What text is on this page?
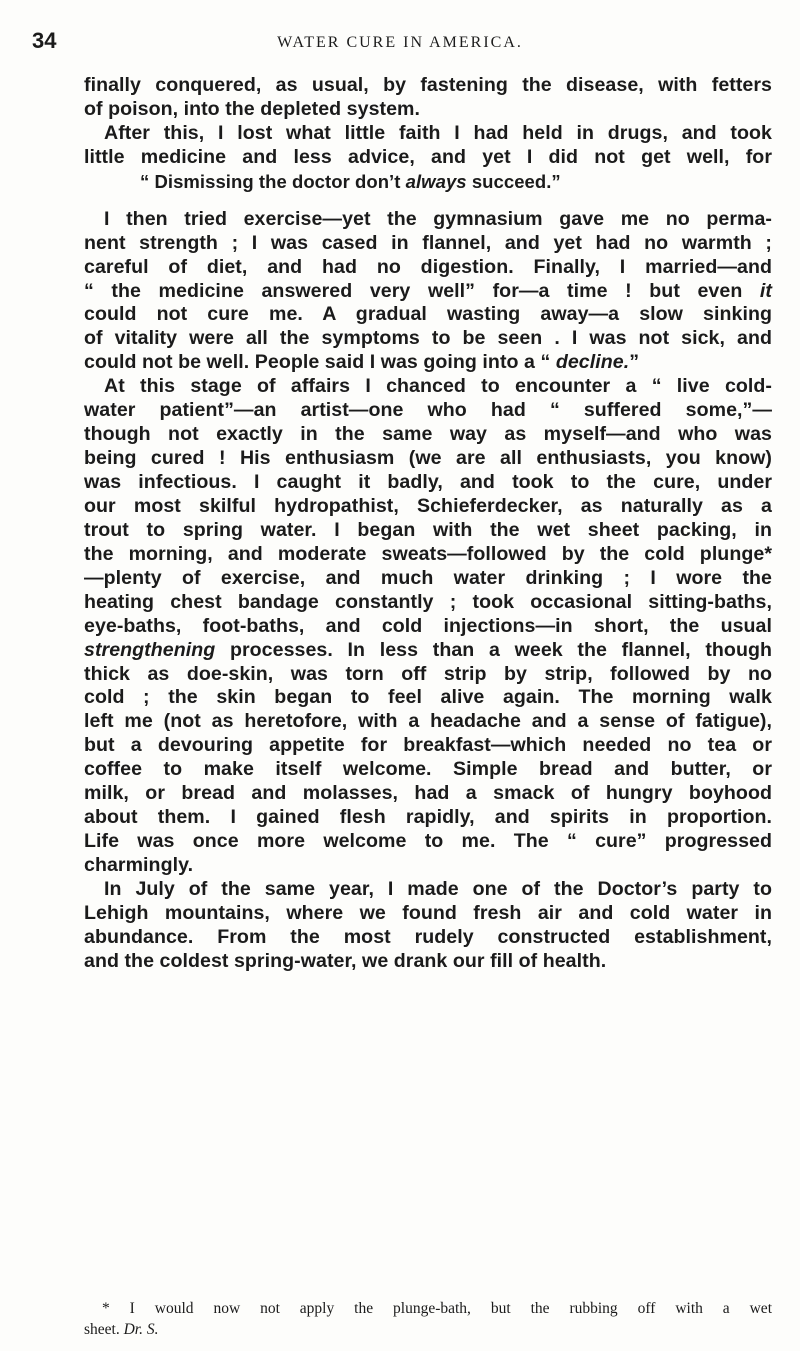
34	WATER CURE IN AMERICA.
finally conquered, as usual, by fastening the disease, with fetters
of poison, into the depleted system.
After this, I lost what little faith I had held in drugs, and took
little medicine and less advice, and yet I did not get well, for
“ Dismissing the doctor don’t always succeed.”
I then tried exercise—yet the gymnasium gave me no perma-
nent strength ; I was cased in flannel, and yet had no warmth ;
careful of diet, and had no digestion. Finally, I married—and
“ the medicine answered very well” for—a time ! but even it
could not cure me. A gradual wasting away—a slow sinking
of vitality were all the symptoms to be seen . I was not sick, and
could not be well. People said I was going into a “ decline.”
At this stage of affairs I chanced to encounter a “ live cold-
water patient”—an artist—one who had “ suffered some,”—
though not exactly in the same way as myself—and who was
being cured ! His enthusiasm (we are all enthusiasts, you know)
was infectious. I caught it badly, and took to the cure, under
our most skilful hydropathist, Schieferdecker, as naturally as a
trout to spring water. I began with the wet sheet packing, in
the morning, and moderate sweats—followed by the cold plunge*
—plenty of exercise, and much water drinking ; I wore the
heating chest bandage constantly ; took occasional sitting-baths,
eye-baths, foot-baths, and cold injections—in short, the usual
strengthening processes. In less than a week the flannel, though
thick as doe-skin, was torn off strip by strip, followed by no
cold ; the skin began to feel alive again. The morning walk
left me (not as heretofore, with a headache and a sense of fatigue),
but a devouring appetite for breakfast—which needed no tea or
coffee to make itself welcome. Simple bread and butter, or
milk, or bread and molasses, had a smack of hungry boyhood
about them. I gained flesh rapidly, and spirits in proportion.
Life was once more welcome to me. The “ cure” progressed
charmingly.
In July of the same year, I made one of the Doctor’s party to
Lehigh mountains, where we found fresh air and cold water in
abundance. From the most rudely constructed establishment,
and the coldest spring-water, we drank our fill of health.
* I would now not apply the plunge-bath, but the rubbing off with a wet
sheet. Dr. S.
